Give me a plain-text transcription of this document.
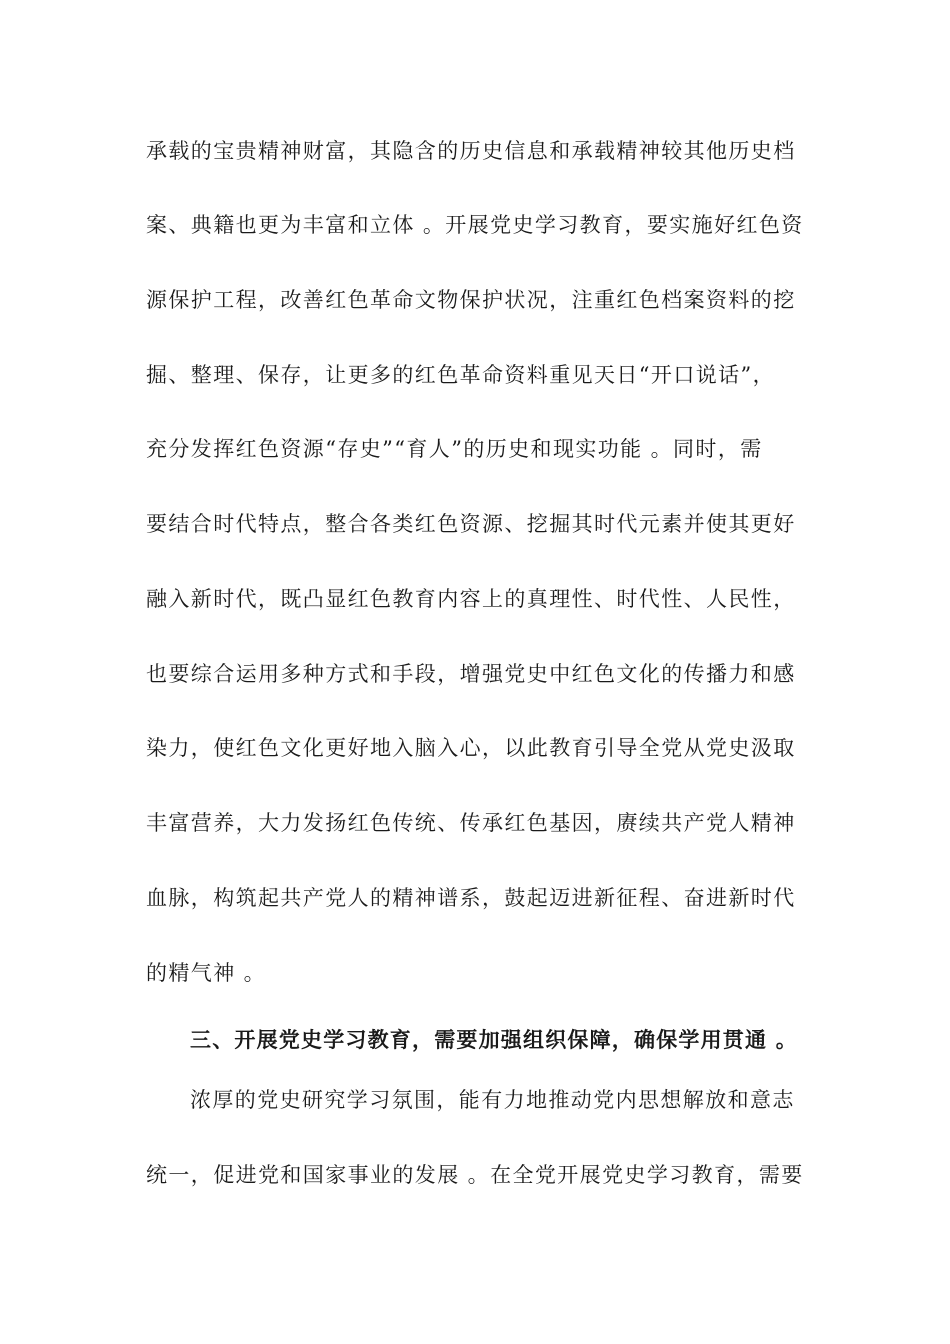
承载的宝贵精神财富，其隐含的历史信息和承载精神较其他历史档
案、典籍也更为丰富和立体 。开展党史学习教育，要实施好红色资
源保护工程，改善红色革命文物保护状况，注重红色档案资料的挖
掘、整理、保存，让更多的红色革命资料重见天日“开口说话”，
充分发挥红色资源“存史”“育人”的历史和现实功能 。同时，需
要结合时代特点，整合各类红色资源、挖掘其时代元素并使其更好
融入新时代，既凸显红色教育内容上的真理性、时代性、人民性，
也要综合运用多种方式和手段，增强党史中红色文化的传播力和感
染力，使红色文化更好地入脑入心，以此教育引导全党从党史汲取
丰富营养，大力发扬红色传统、传承红色基因，赓续共产党人精神
血脉，构筑起共产党人的精神谱系，鼓起迈进新征程、奋进新时代
的精气神 。
三、开展党史学习教育，需要加强组织保障，确保学用贯通 。
浓厚的党史研究学习氛围，能有力地推动党内思想解放和意志
统一，促进党和国家事业的发展 。在全党开展党史学习教育，需要
